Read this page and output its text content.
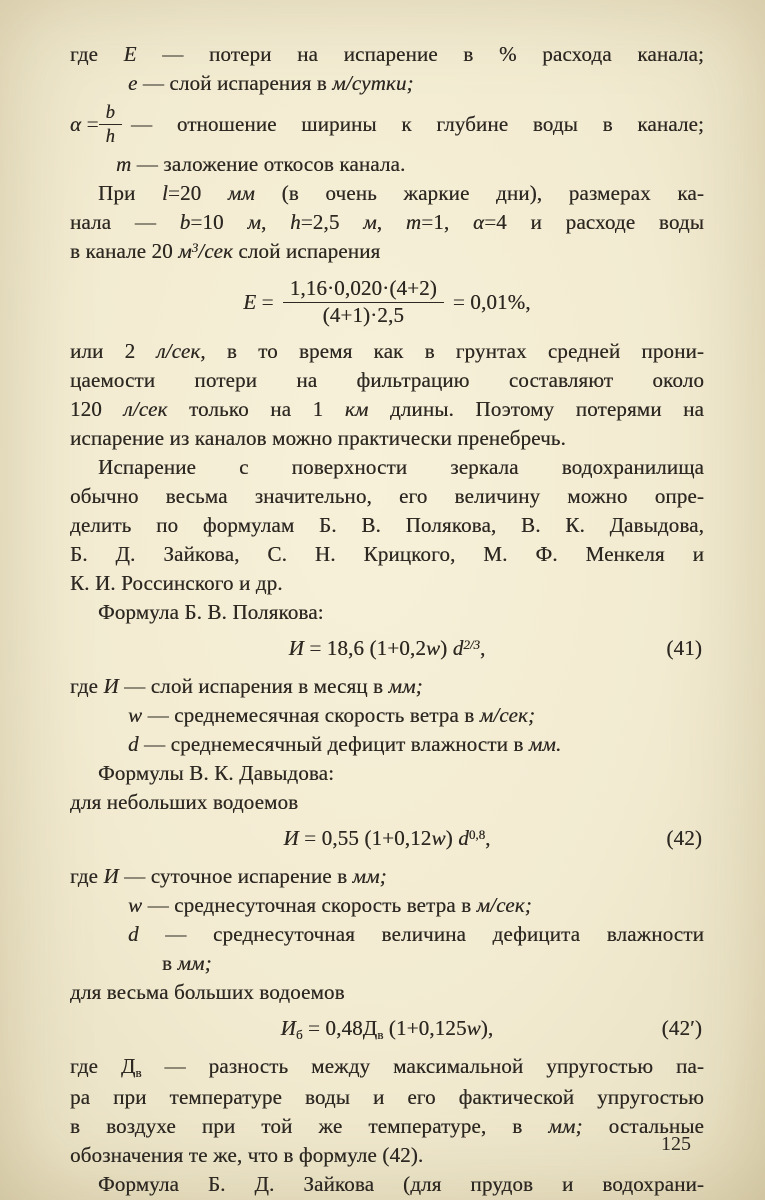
где Е — потери на испарение в % расхода канала;
е — слой испарения в м/сутки;
$\alpha = \frac{b}{h}$ — отношение ширины к глубине воды в канале;
m — заложение откосов канала.
При l=20 мм (в очень жаркие дни), размерах ка-
нала — b=10 м, h=2,5 м, m=1, α=4 и расходе воды
в канале 20 $м^3$/сек слой испарения
$E = \frac{1,16\cdot 0,020\cdot(4+2)}{(4+1)\cdot 2,5} = 0,01\%$,
или 2 л/сек, в то время как в грунтах средней прони-
цаемости потери на фильтрацию составляют около
120 л/сек только на 1 км длины. Поэтому потерями на
испарение из каналов можно практически пренебречь.
Испарение с поверхности зеркала водохранилища
обычно весьма значительно, его величину можно опре-
делить по формулам Б. В. Полякова, В. К. Давыдова,
Б. Д. Зайкова, С. Н. Крицкого, М. Ф. Менкеля и
К. И. Россинского и др.
Формула Б. В. Полякова:
И = 18,6 (1+0,2w) $d^{2/3}$,	(41)
где И — слой испарения в месяц в мм;
w — среднемесячная скорость ветра в м/сек;
d — среднемесячный дефицит влажности в мм.
Формулы В. К. Давыдова:
для небольших водоемов
И = 0,55 (1+0,12w) $d^{0,8}$,	(42)
где И — суточное испарение в мм;
w — среднесуточная скорость ветра в м/сек;
d — среднесуточная величина дефицита влажности
в мм;
для весьма больших водоемов
Иб = 0,48Дв (1+0,125w),	(42′)
где Дв — разность между максимальной упругостью па-
ра при температуре воды и его фактической упругостью
в воздухе при той же температуре, в мм; остальные
обозначения те же, что в формуле (42).
Формула Б. Д. Зайкова (для прудов и водохрани-
125
